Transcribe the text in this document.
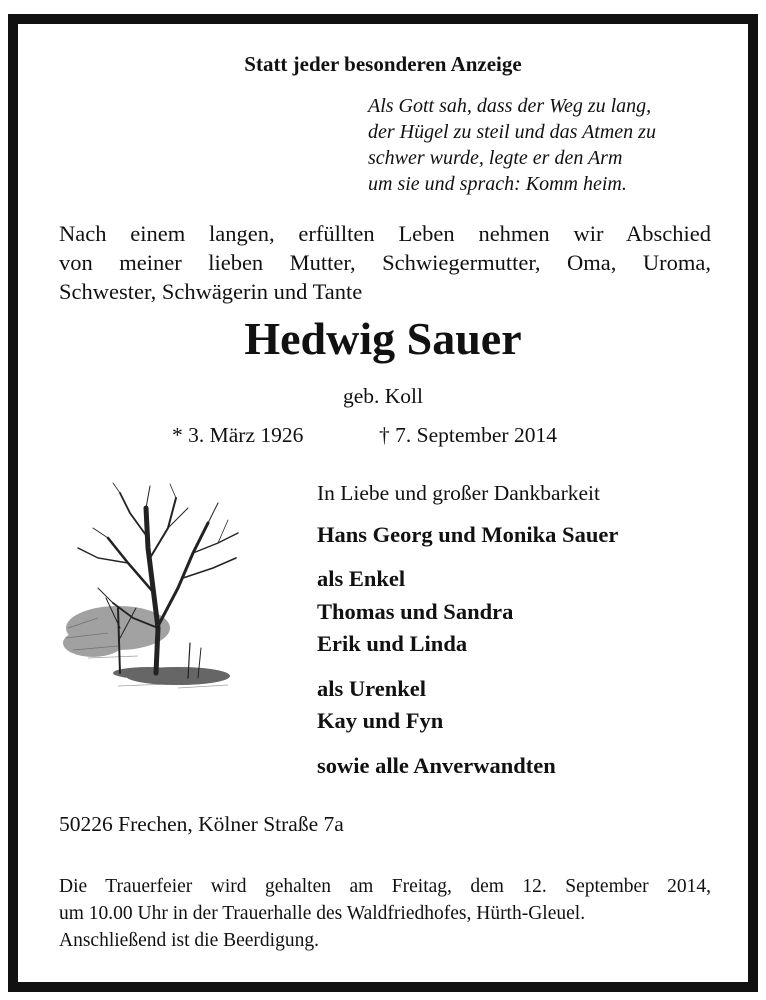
Statt jeder besonderen Anzeige
Als Gott sah, dass der Weg zu lang,
der Hügel zu steil und das Atmen zu
schwer wurde, legte er den Arm
um sie und sprach: Komm heim.
Nach einem langen, erfüllten Leben nehmen wir Abschied
von meiner lieben Mutter, Schwiegermutter, Oma, Uroma,
Schwester, Schwägerin und Tante
Hedwig Sauer
geb. Koll
* 3. März 1926	† 7. September 2014
In Liebe und großer Dankbarkeit
Hans Georg und Monika Sauer
als Enkel
Thomas und Sandra
Erik und Linda
als Urenkel
Kay und Fyn
sowie alle Anverwandten
50226 Frechen, Kölner Straße 7a
Die Trauerfeier wird gehalten am Freitag, dem 12. September 2014,
um 10.00 Uhr in der Trauerhalle des Waldfriedhofes, Hürth-Gleuel.
Anschließend ist die Beerdigung.
